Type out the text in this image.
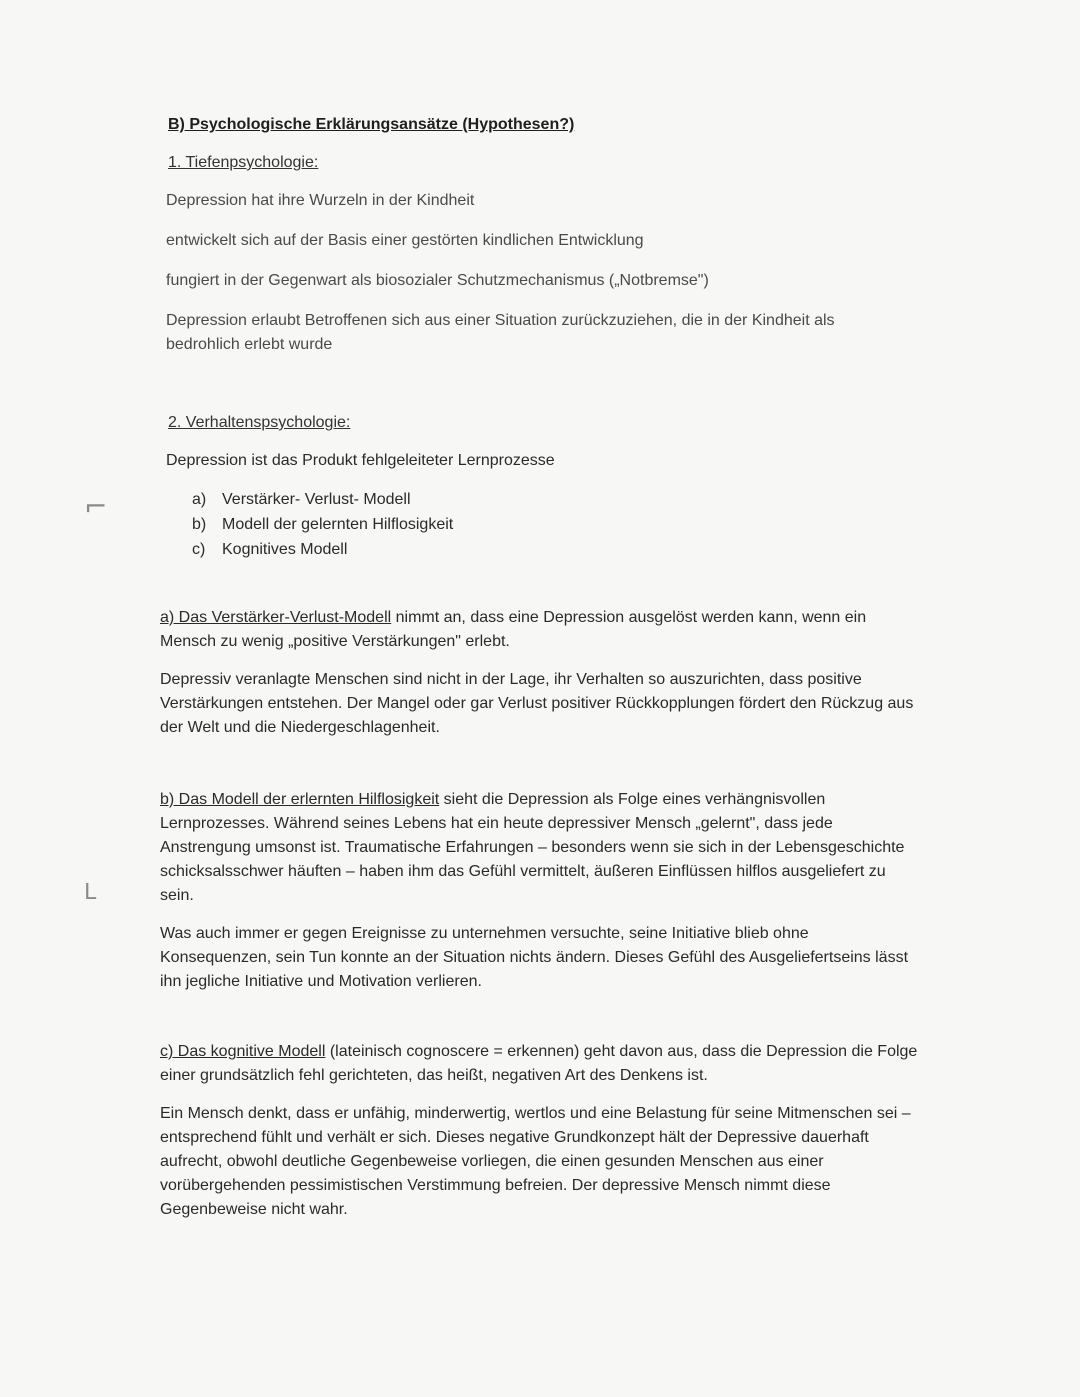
⌐
ᒪ
B) Psychologische Erklärungsansätze (Hypothesen?)
1. Tiefenpsychologie:
Depression hat ihre Wurzeln in der Kindheit
entwickelt sich auf der Basis einer gestörten kindlichen Entwicklung
fungiert in der Gegenwart als biosozialer Schutzmechanismus („Notbremse")
Depression erlaubt Betroffenen sich aus einer Situation zurückzuziehen, die in der Kindheit als bedrohlich erlebt wurde
2. Verhaltenspsychologie:
Depression ist das Produkt fehlgeleiteter Lernprozesse
a) Verstärker- Verlust- Modell
b) Modell der gelernten Hilflosigkeit
c) Kognitives Modell
a) Das Verstärker-Verlust-Modell nimmt an, dass eine Depression ausgelöst werden kann, wenn ein Mensch zu wenig „positive Verstärkungen" erlebt.
Depressiv veranlagte Menschen sind nicht in der Lage, ihr Verhalten so auszurichten, dass positive Verstärkungen entstehen. Der Mangel oder gar Verlust positiver Rückkopplungen fördert den Rückzug aus der Welt und die Niedergeschlagenheit.
b) Das Modell der erlernten Hilflosigkeit sieht die Depression als Folge eines verhängnisvollen Lernprozesses. Während seines Lebens hat ein heute depressiver Mensch „gelernt", dass jede Anstrengung umsonst ist. Traumatische Erfahrungen – besonders wenn sie sich in der Lebensgeschichte schicksalsschwer häuften – haben ihm das Gefühl vermittelt, äußeren Einflüssen hilflos ausgeliefert zu sein.
Was auch immer er gegen Ereignisse zu unternehmen versuchte, seine Initiative blieb ohne Konsequenzen, sein Tun konnte an der Situation nichts ändern. Dieses Gefühl des Ausgeliefertseins lässt ihn jegliche Initiative und Motivation verlieren.
c) Das kognitive Modell (lateinisch cognoscere = erkennen) geht davon aus, dass die Depression die Folge einer grundsätzlich fehl gerichteten, das heißt, negativen Art des Denkens ist.
Ein Mensch denkt, dass er unfähig, minderwertig, wertlos und eine Belastung für seine Mitmenschen sei – entsprechend fühlt und verhält er sich. Dieses negative Grundkonzept hält der Depressive dauerhaft aufrecht, obwohl deutliche Gegenbeweise vorliegen, die einen gesunden Menschen aus einer vorübergehenden pessimistischen Verstimmung befreien. Der depressive Mensch nimmt diese Gegenbeweise nicht wahr.
